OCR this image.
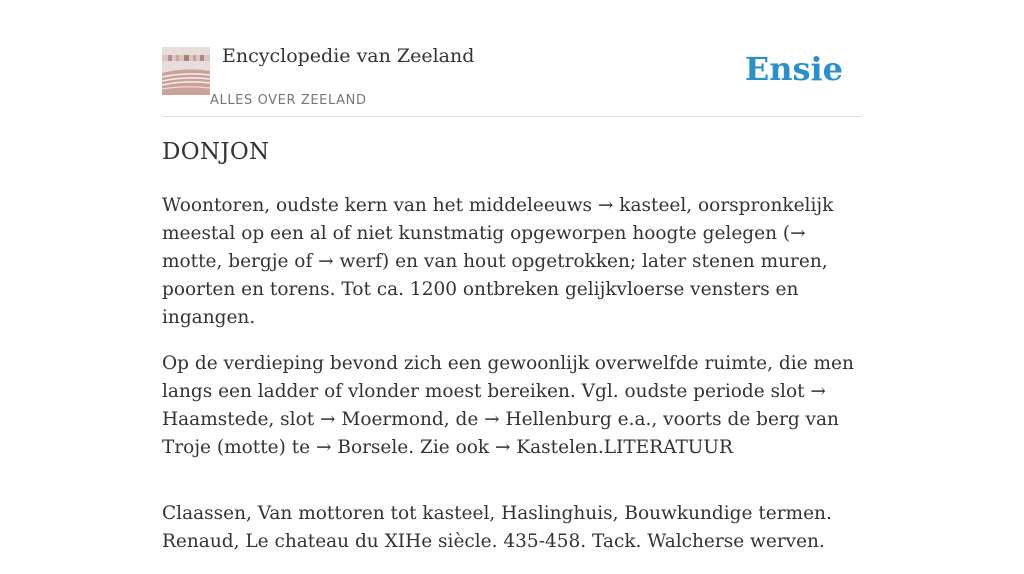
Encyclopedie van Zeeland
ALLES OVER ZEELAND
Ensie
DONJON

Woontoren, oudste kern van het middeleeuws → kasteel, oorspronkelijk meestal op een al of niet kunstmatig opgeworpen hoogte gelegen (→ motte, bergje of → werf) en van hout opgetrokken; later stenen muren, poorten en torens. Tot ca. 1200 ontbreken gelijkvloerse vensters en ingangen.

Op de verdieping bevond zich een gewoonlijk overwelfde ruimte, die men langs een ladder of vlonder moest bereiken. Vgl. oudste periode slot → Haamstede, slot → Moermond, de → Hellenburg e.a., voorts de berg van Troje (motte) te → Borsele. Zie ook → Kastelen.LITERATUUR

Claassen, Van mottoren tot kasteel, Haslinghuis, Bouwkundige termen. Renaud, Le chateau du XIHe siècle. 435-458. Tack. Walcherse werven.
